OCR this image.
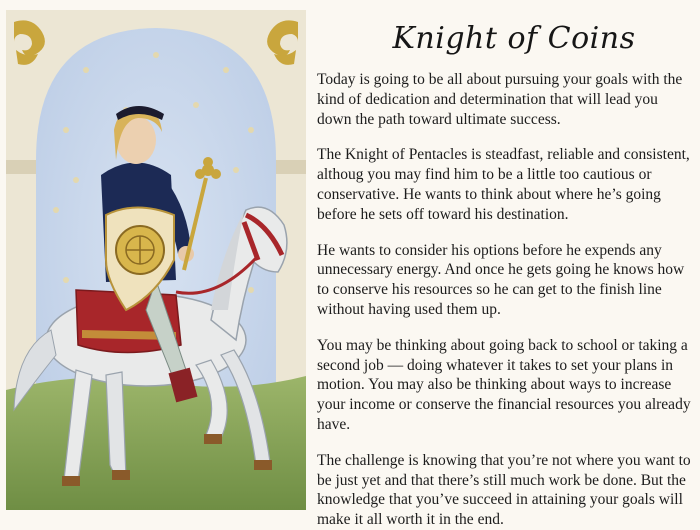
Knight of Coins

Today is going to be all about pursuing your goals with the kind of dedication and determination that will lead you down the path toward ultimate success.

The Knight of Pentacles is steadfast, reliable and consistent, althoug you may find him to be a little too cautious or conservative. He wants to think about where he’s going before he sets off toward his destination.

He wants to consider his options before he expends any unnecessary energy. And once he gets going he knows how to conserve his resources so he can get to the finish line without having used them up.

You may be thinking about going back to school or taking a second job — doing whatever it takes to set your plans in motion. You may also be thinking about ways to increase your income or conserve the financial resources you already have.

The challenge is knowing that you’re not where you want to be just yet and that there’s still much work be done. But the knowledge that you’ve succeed in attaining your goals will make it all worth it in the end.
